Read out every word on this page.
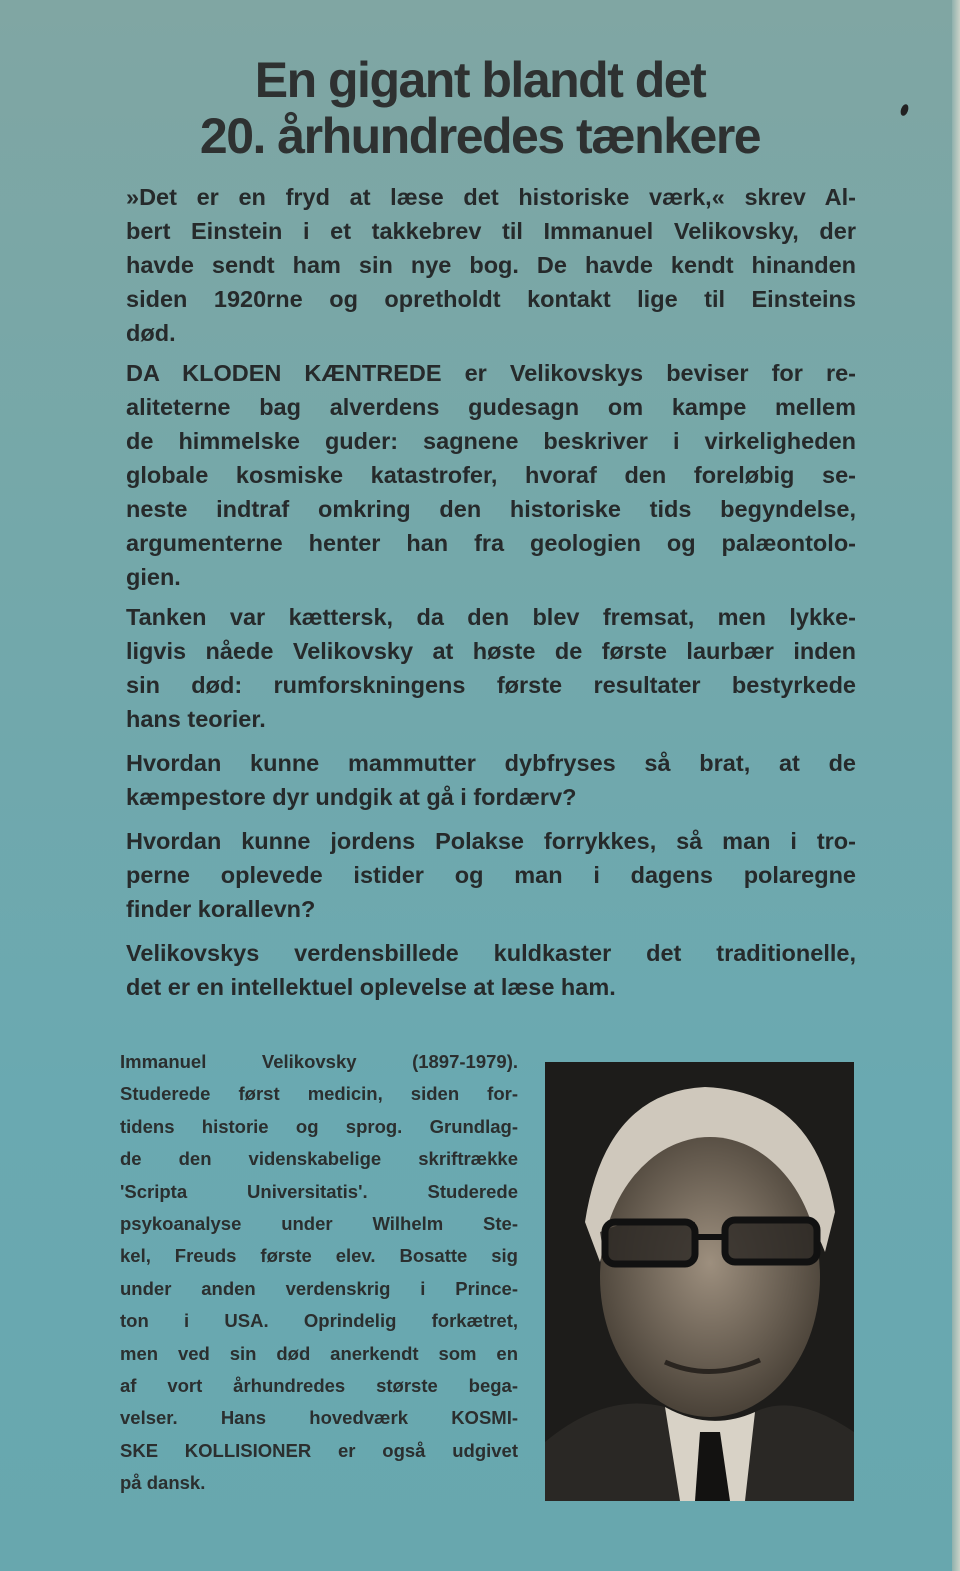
En gigant blandt det
20. århundredes tænkere
»Det er en fryd at læse det historiske værk,« skrev Al-
bert Einstein i et takkebrev til Immanuel Velikovsky, der
havde sendt ham sin nye bog. De havde kendt hinanden
siden 1920rne og opretholdt kontakt lige til Einsteins
død.
DA KLODEN KÆNTREDE er Velikovskys beviser for re-
aliteterne bag alverdens gudesagn om kampe mellem
de himmelske guder: sagnene beskriver i virkeligheden
globale kosmiske katastrofer, hvoraf den foreløbig se-
neste indtraf omkring den historiske tids begyndelse,
argumenterne henter han fra geologien og palæontolo-
gien.
Tanken var kættersk, da den blev fremsat, men lykke-
ligvis nåede Velikovsky at høste de første laurbær inden
sin død: rumforskningens første resultater bestyrkede
hans teorier.
Hvordan kunne mammutter dybfryses så brat, at de
kæmpestore dyr undgik at gå i fordærv?
Hvordan kunne jordens Polakse forrykkes, så man i tro-
perne oplevede istider og man i dagens polaregne
finder korallevn?
Velikovskys verdensbillede kuldkaster det traditionelle,
det er en intellektuel oplevelse at læse ham.
Immanuel Velikovsky (1897-1979).
Studerede først medicin, siden for-
tidens historie og sprog. Grundlag-
de den videnskabelige skriftrække
'Scripta Universitatis'. Studerede
psykoanalyse under Wilhelm Ste-
kel, Freuds første elev. Bosatte sig
under anden verdenskrig i Prince-
ton i USA. Oprindelig forkætret,
men ved sin død anerkendt som en
af vort århundredes største bega-
velser. Hans hovedværk KOSMI-
SKE KOLLISIONER er også udgivet
på dansk.
